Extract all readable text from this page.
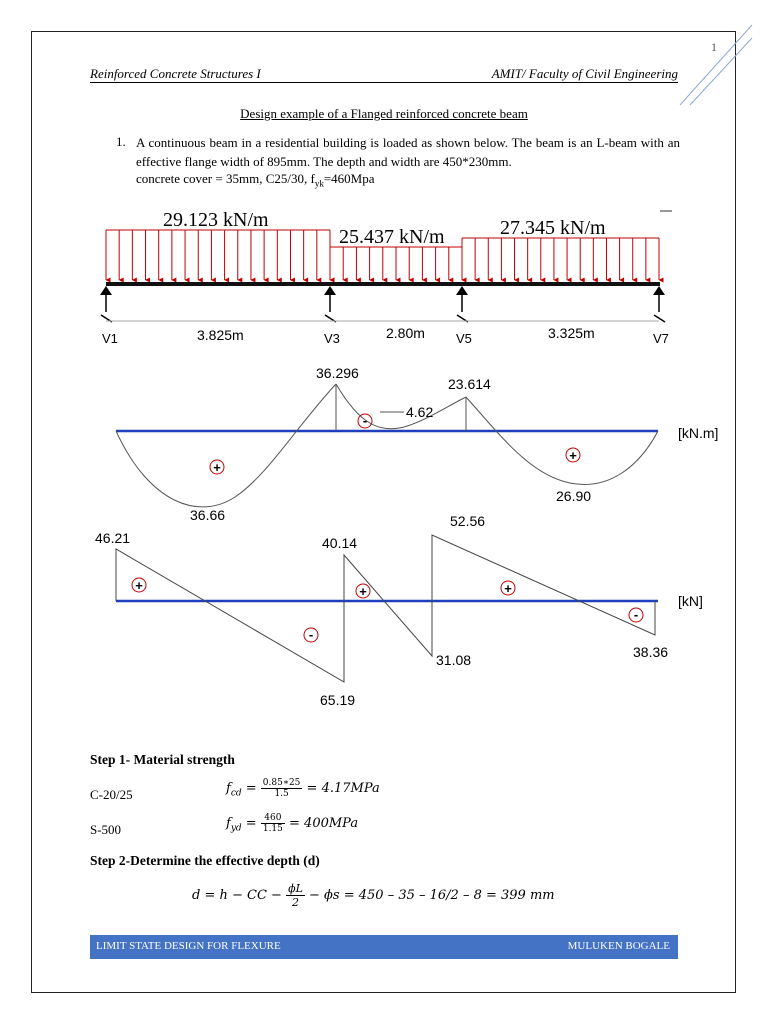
1
Reinforced Concrete Structures I	AMIT/ Faculty of Civil Engineering
Design example of a Flanged reinforced concrete beam
1. A continuous beam in a residential building is loaded as shown below. The beam is an L-beam with an effective flange width of 895mm. The depth and width are 450*230mm.
concrete cover = 35mm, C25/30, $f_{yk}=460Mpa$
29.123 kN/m
25.437 kN/m	27.345 kN/m
3.825m	2.80m	3.325m
V1	V3	V5	V7
36.296
23.614
4.62
36.66
26.90
[kN.m]
+
-
+
46.21	40.14
52.56
65.19
31.08	38.36
[kN]
+
-
+	+
-
Step 1- Material strength
C-20/25	$f_{cd} = \frac{0.85∗25}{1.5} = 4.17MPa$
S-500	$f_{yd} = \frac{460}{1.15} = 400MPa$
Step 2-Determine the effective depth (d)
d = h − CC − $\frac{\phi L}{2} - \phi s = 450 - 35 - 16/2 - 8 = 399$ mm
LIMIT STATE DESIGN FOR FLEXURE	MULUKEN BOGALE
